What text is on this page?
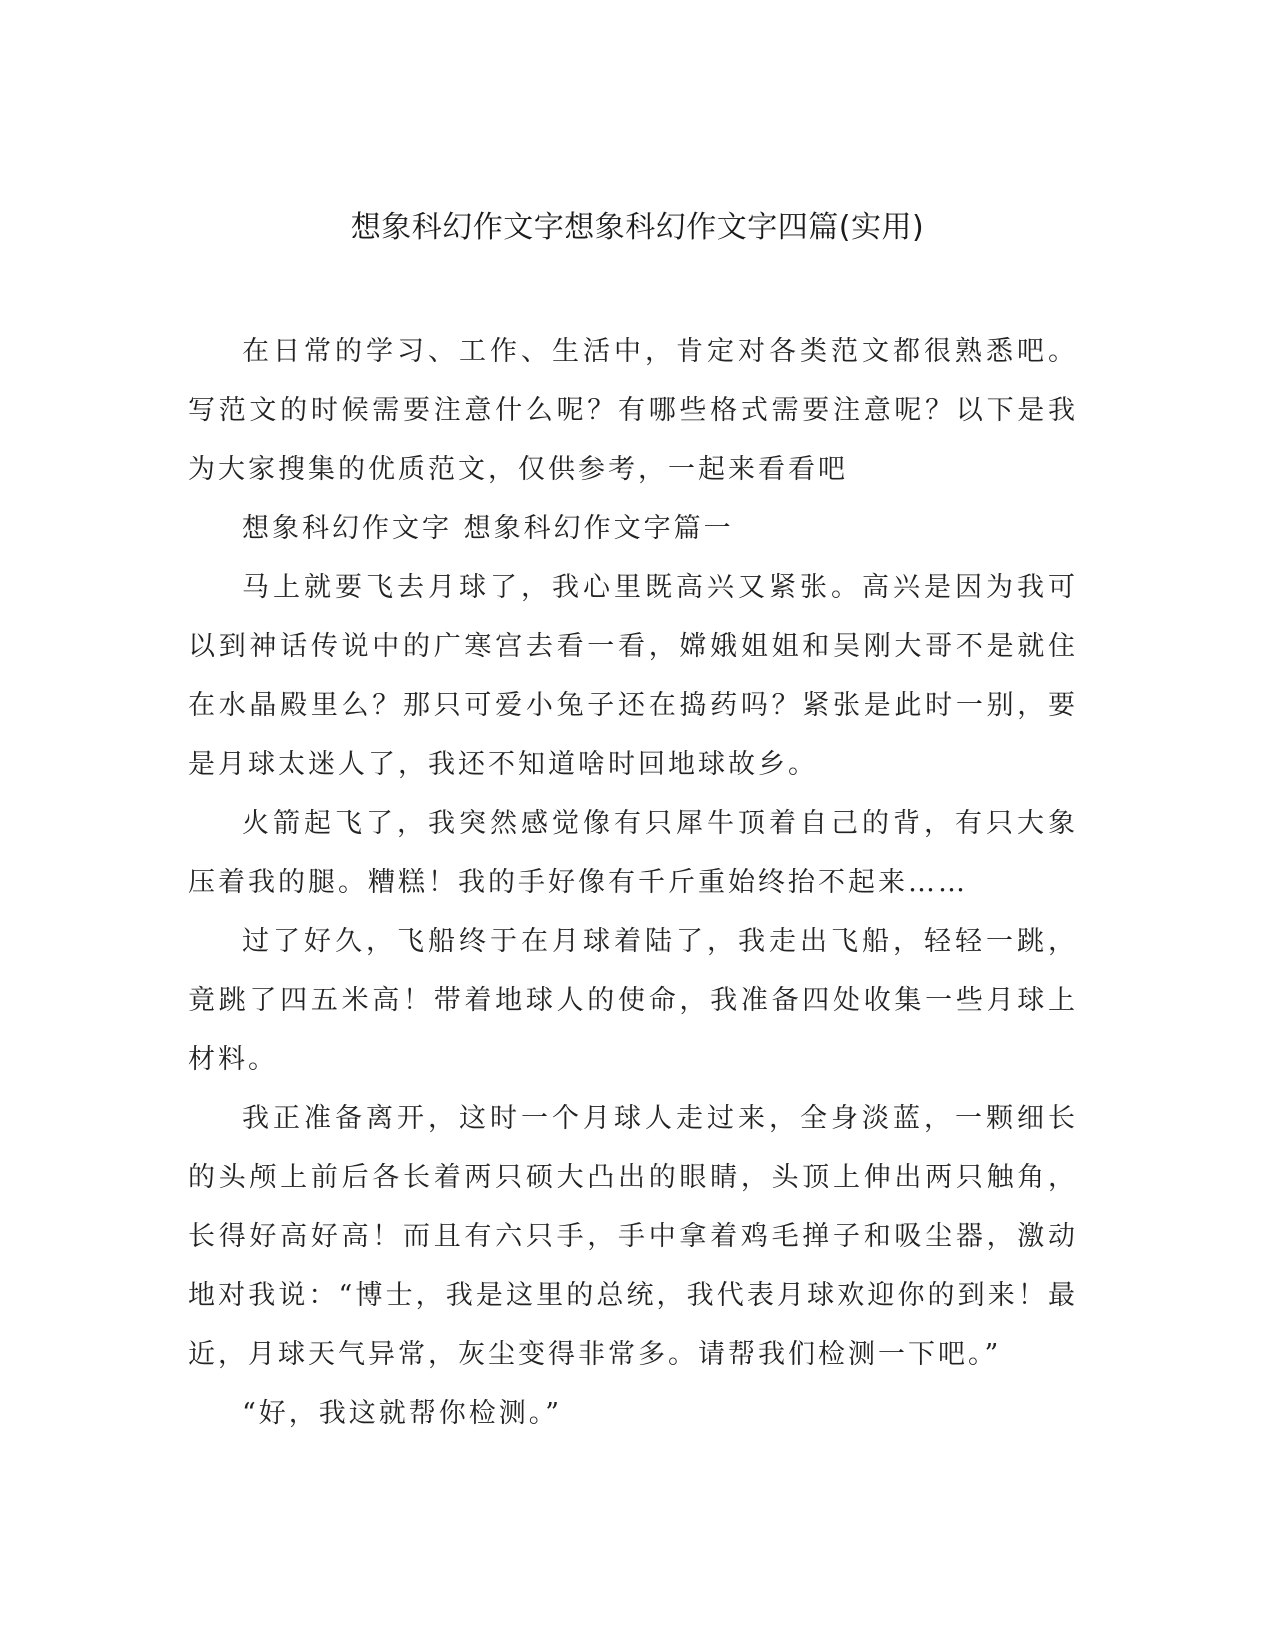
想象科幻作文字想象科幻作文字四篇(实用)

在日常的学习、工作、生活中，肯定对各类范文都很熟悉吧。写范文的时候需要注意什么呢？有哪些格式需要注意呢？以下是我为大家搜集的优质范文，仅供参考，一起来看看吧

想象科幻作文字 想象科幻作文字篇一

马上就要飞去月球了，我心里既高兴又紧张。高兴是因为我可以到神话传说中的广寒宫去看一看，嫦娥姐姐和吴刚大哥不是就住在水晶殿里么？那只可爱小兔子还在捣药吗？紧张是此时一别，要是月球太迷人了，我还不知道啥时回地球故乡。

火箭起飞了，我突然感觉像有只犀牛顶着自己的背，有只大象压着我的腿。糟糕！我的手好像有千斤重始终抬不起来……

过了好久，飞船终于在月球着陆了，我走出飞船，轻轻一跳，竟跳了四五米高！带着地球人的使命，我准备四处收集一些月球上材料。

我正准备离开，这时一个月球人走过来，全身淡蓝，一颗细长的头颅上前后各长着两只硕大凸出的眼睛，头顶上伸出两只触角，长得好高好高！而且有六只手，手中拿着鸡毛掸子和吸尘器，激动地对我说：“博士，我是这里的总统，我代表月球欢迎你的到来！最近，月球天气异常，灰尘变得非常多。请帮我们检测一下吧。”

“好，我这就帮你检测。”
